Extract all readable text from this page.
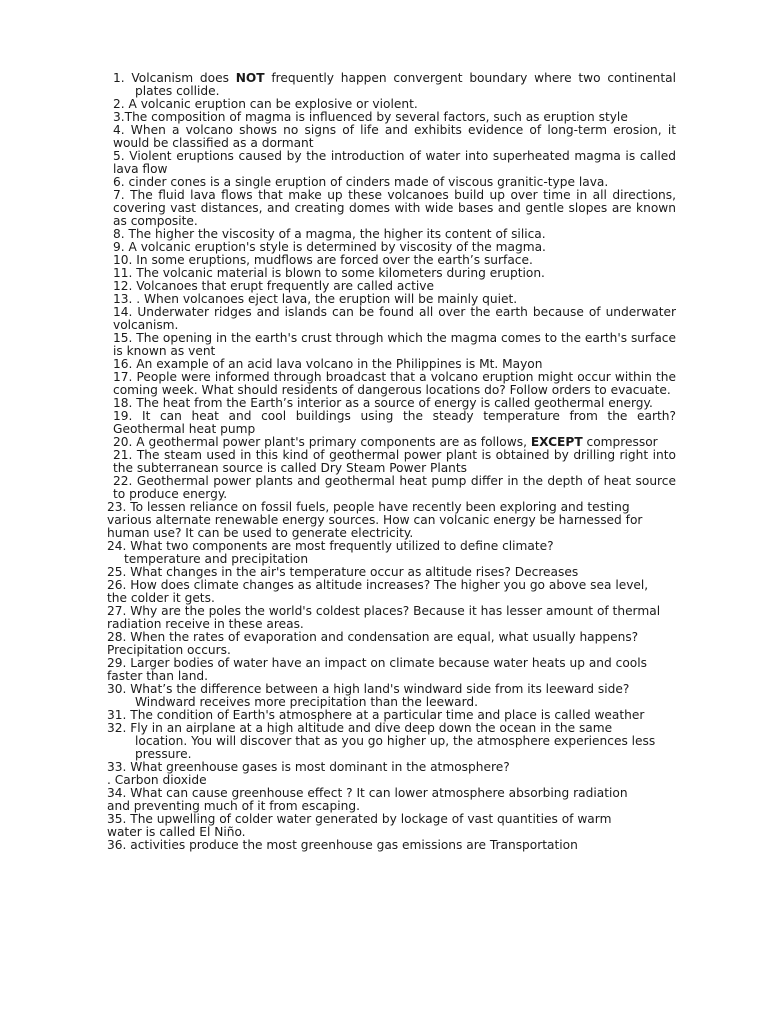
1. Volcanism does NOT frequently happen convergent boundary where two continental plates collide.

2. A volcanic eruption can be explosive or violent.

3.The composition of magma is influenced by several factors, such as eruption style

4. When a volcano shows no signs of life and exhibits evidence of long-term erosion, it would be classified as a dormant

5. Violent eruptions caused by the introduction of water into superheated magma is called lava flow

6. cinder cones is a single eruption of cinders made of viscous granitic-type lava.

7. The fluid lava flows that make up these volcanoes build up over time in all directions, covering vast distances, and creating domes with wide bases and gentle slopes are known as composite.

8. The higher the viscosity of a magma, the higher its content of silica.

9. A volcanic eruption's style is determined by viscosity of the magma.

10. In some eruptions, mudflows are forced over the earth’s surface.

11. The volcanic material is blown to some kilometers during eruption.

12. Volcanoes that erupt frequently are called active

13. . When volcanoes eject lava, the eruption will be mainly quiet.

14. Underwater ridges and islands can be found all over the earth because of underwater volcanism.

15. The opening in the earth's crust through which the magma comes to the earth's surface is known as vent

16. An example of an acid lava volcano in the Philippines is Mt. Mayon

17. People were informed through broadcast that a volcano eruption might occur within the coming week. What should residents of dangerous locations do? Follow orders to evacuate.

18. The heat from the Earth’s interior as a source of energy is called geothermal energy.

19. It can heat and cool buildings using the steady temperature from the earth? Geothermal heat pump

20. A geothermal power plant's primary components are as follows, EXCEPT compressor

21. The steam used in this kind of geothermal power plant is obtained by drilling right into the subterranean source is called Dry Steam Power Plants

22. Geothermal power plants and geothermal heat pump differ in the depth of heat source to produce energy.

23. To lessen reliance on fossil fuels, people have recently been exploring and testing various alternate renewable energy sources. How can volcanic energy be harnessed for human use? It can be used to generate electricity.

24. What two components are most frequently utilized to define climate?
temperature and precipitation

25. What changes in the air's temperature occur as altitude rises? Decreases

26. How does climate changes as altitude increases? The higher you go above sea level, the colder it gets.

27. Why are the poles the world's coldest places? Because it has lesser amount of thermal radiation receive in these areas.

28. When the rates of evaporation and condensation are equal, what usually happens? Precipitation occurs.

29. Larger bodies of water have an impact on climate because water heats up and cools faster than land.

30. What’s the difference between a high land's windward side from its leeward side? Windward receives more precipitation than the leeward.

31. The condition of Earth's atmosphere at a particular time and place is called weather

32. Fly in an airplane at a high altitude and dive deep down the ocean in the same location. You will discover that as you go higher up, the atmosphere experiences less pressure.

33. What greenhouse gases is most dominant in the atmosphere?
. Carbon dioxide

34. What can cause greenhouse effect ? It can lower atmosphere absorbing radiation and preventing much of it from escaping.

35. The upwelling of colder water generated by lockage of vast quantities of warm water is called El Niño.

36. activities produce the most greenhouse gas emissions are Transportation
